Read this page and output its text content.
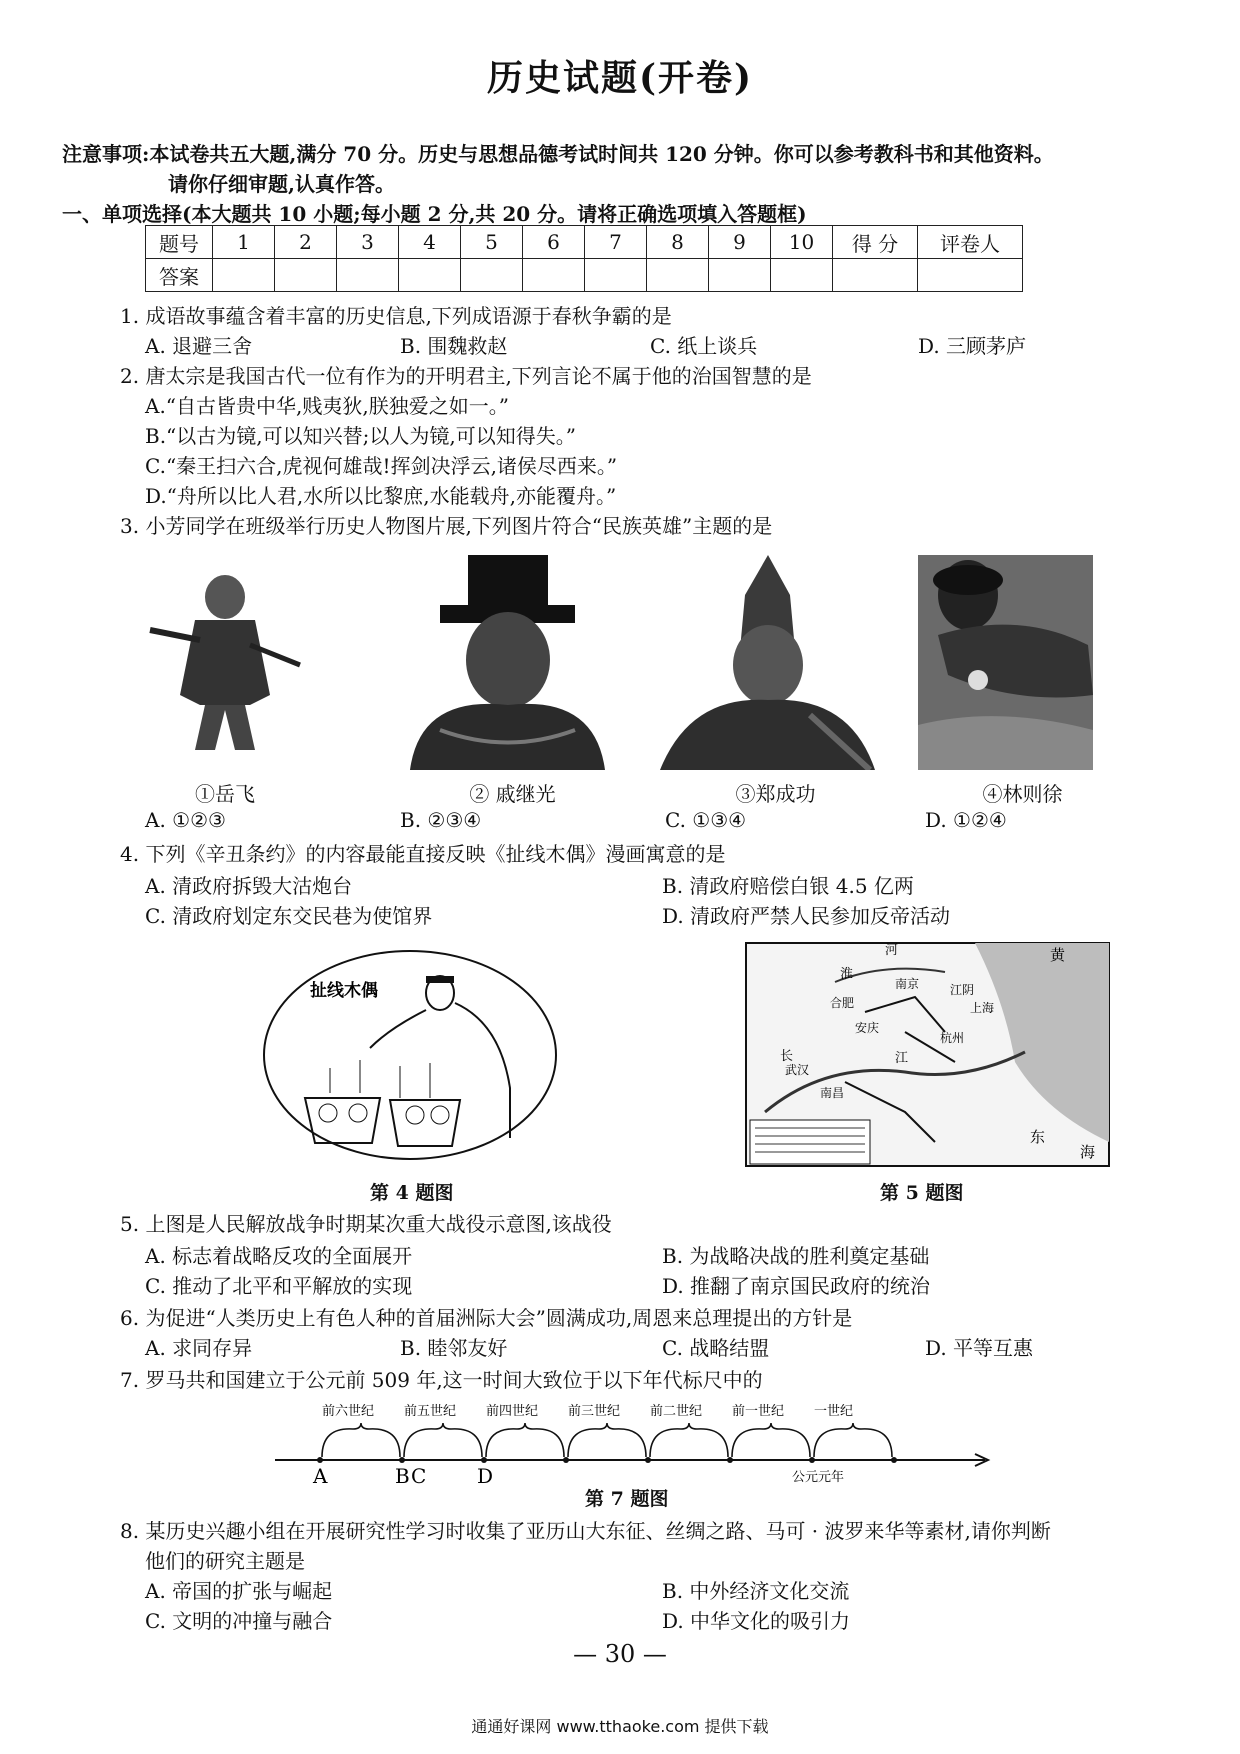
历史试题(开卷)
注意事项:本试卷共五大题,满分 70 分。历史与思想品德考试时间共 120 分钟。你可以参考教科书和其他资料。
请你仔细审题,认真作答。
一、单项选择(本大题共 10 小题;每小题 2 分,共 20 分。请将正确选项填入答题框)
题号	1	2	3	4	5	6	7	8	9	10	得 分	评卷人
答案												
1. 成语故事蕴含着丰富的历史信息,下列成语源于春秋争霸的是
A. 退避三舍	B. 围魏救赵	C. 纸上谈兵	D. 三顾茅庐
2. 唐太宗是我国古代一位有作为的开明君主,下列言论不属于他的治国智慧的是
A.“自古皆贵中华,贱夷狄,朕独爱之如一。”
B.“以古为镜,可以知兴替;以人为镜,可以知得失。”
C.“秦王扫六合,虎视何雄哉!挥剑决浮云,诸侯尽西来。”
D.“舟所以比人君,水所以比黎庶,水能载舟,亦能覆舟。”
3. 小芳同学在班级举行历史人物图片展,下列图片符合“民族英雄”主题的是
①岳飞	② 戚继光	③郑成功	④林则徐
A. ①②③	B. ②③④	C. ①③④	D. ①②④
4. 下列《辛丑条约》的内容最能直接反映《扯线木偶》漫画寓意的是
A. 清政府拆毁大沽炮台	B. 清政府赔偿白银 4.5 亿两
C. 清政府划定东交民巷为使馆界	D. 清政府严禁人民参加反帝活动
扯线木偶
第 4 题图
淮
河
长	江
南京
合肥
安庆
江阴
上海
杭州
南昌
东
海
黄
武汉
第 5 题图
5. 上图是人民解放战争时期某次重大战役示意图,该战役
A. 标志着战略反攻的全面展开	B. 为战略决战的胜利奠定基础
C. 推动了北平和平解放的实现	D. 推翻了南京国民政府的统治
6. 为促进“人类历史上有色人种的首届洲际大会”圆满成功,周恩来总理提出的方针是
A. 求同存异	B. 睦邻友好	C. 战略结盟	D. 平等互惠
7. 罗马共和国建立于公元前 509 年,这一时间大致位于以下年代标尺中的
前六世纪 前五世纪 前四世纪 前三世纪 前二世纪 前一世纪 一世纪
A	B C	D	公元元年
第 7 题图
8. 某历史兴趣小组在开展研究性学习时收集了亚历山大东征、丝绸之路、马可 · 波罗来华等素材,请你判断
他们的研究主题是
A. 帝国的扩张与崛起	B. 中外经济文化交流
C. 文明的冲撞与融合	D. 中华文化的吸引力
— 30 —
通通好课网 www.tthaoke.com 提供下载
